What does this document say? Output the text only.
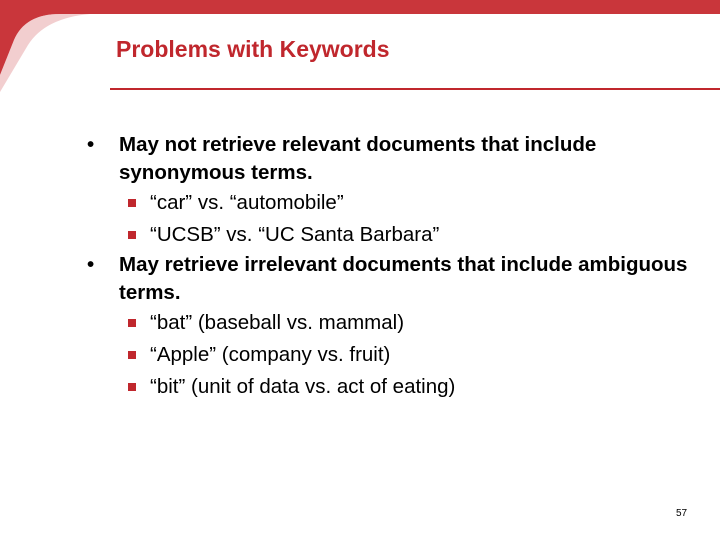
Problems with Keywords
• May not retrieve relevant documents that include synonymous terms.
“car” vs. “automobile”
“UCSB” vs. “UC Santa Barbara”
• May retrieve irrelevant documents that include ambiguous terms.
“bat” (baseball vs. mammal)
“Apple” (company vs. fruit)
“bit” (unit of data vs. act of eating)
57
